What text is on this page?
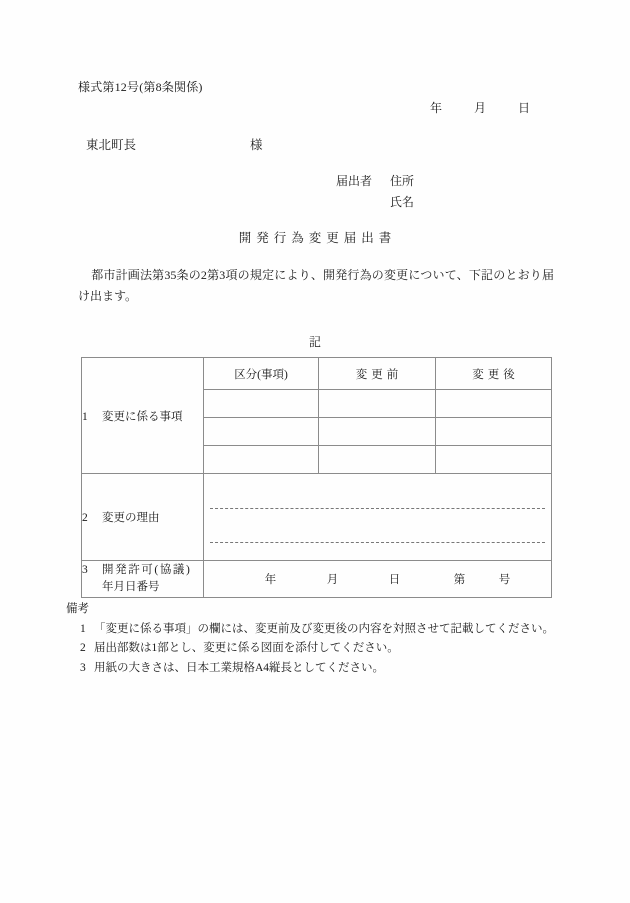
様式第12号(第8条関係)
年	月	日
東北町長	様
届出者 住所
氏名
開発行為変更届出書
都市計画法第35条の2第3項の規定により、開発行為の変更について、下記のとおり届け出ます。
記
1 変更に係る事項	区分(事項)	変更前	変更後

2 変更の理由			

3 開発許可(協議)
年月日番号	年 月 日 第 号		
備考
1 「変更に係る事項」の欄には、変更前及び変更後の内容を対照させて記載してください。
2 届出部数は1部とし、変更に係る図面を添付してください。
3 用紙の大きさは、日本工業規格A4縦長としてください。
